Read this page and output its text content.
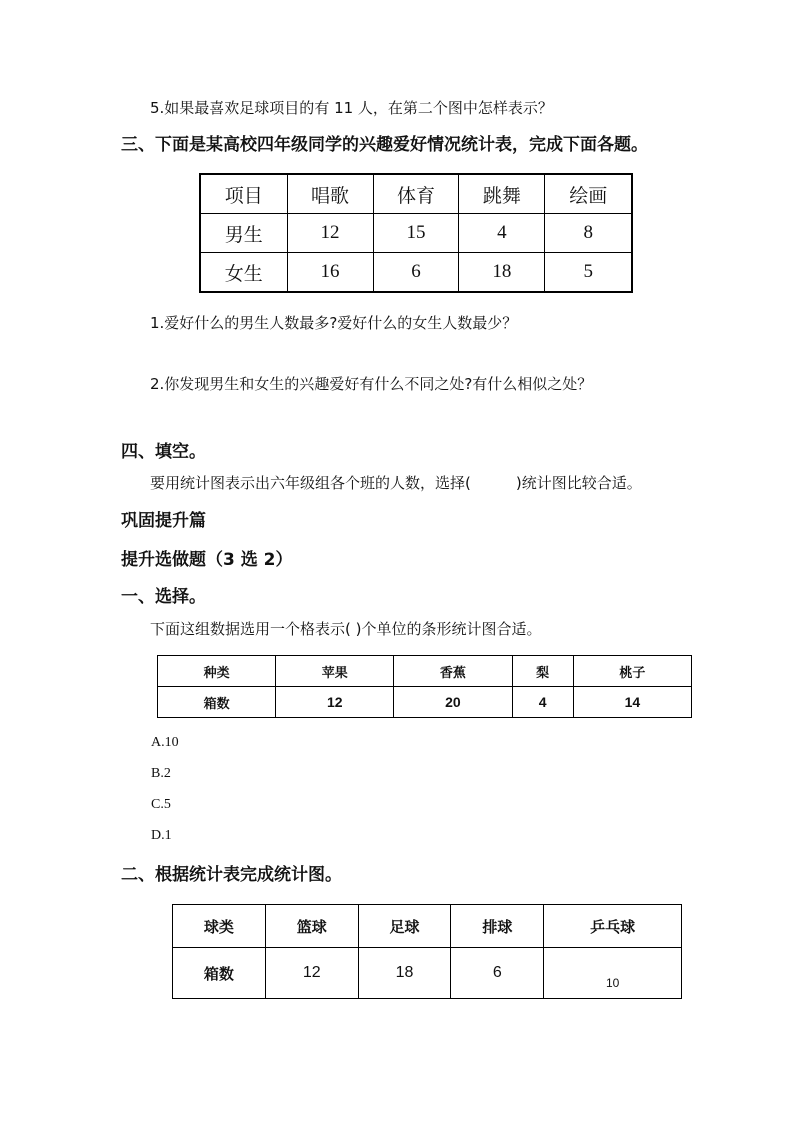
5.如果最喜欢足球项目的有 11 人，在第二个图中怎样表示？
三、下面是某高校四年级同学的兴趣爱好情况统计表，完成下面各题。
项目	唱歌	体育	跳舞	绘画
男生	12	15	4	8
女生	16	6	18	5
1.爱好什么的男生人数最多?爱好什么的女生人数最少？
2.你发现男生和女生的兴趣爱好有什么不同之处?有什么相似之处？
四、填空。
要用统计图表示出六年级组各个班的人数，选择(　　　)统计图比较合适。
巩固提升篇
提升选做题（3 选 2）
一、选择。
下面这组数据选用一个格表示( )个单位的条形统计图合适。
种类	苹果	香蕉	梨	桃子
箱数	12	20	4	14
A.10
B.2
C.5
D.1
二、根据统计表完成统计图。
球类	篮球	足球	排球	乒乓球
箱数	12	18	6	10
